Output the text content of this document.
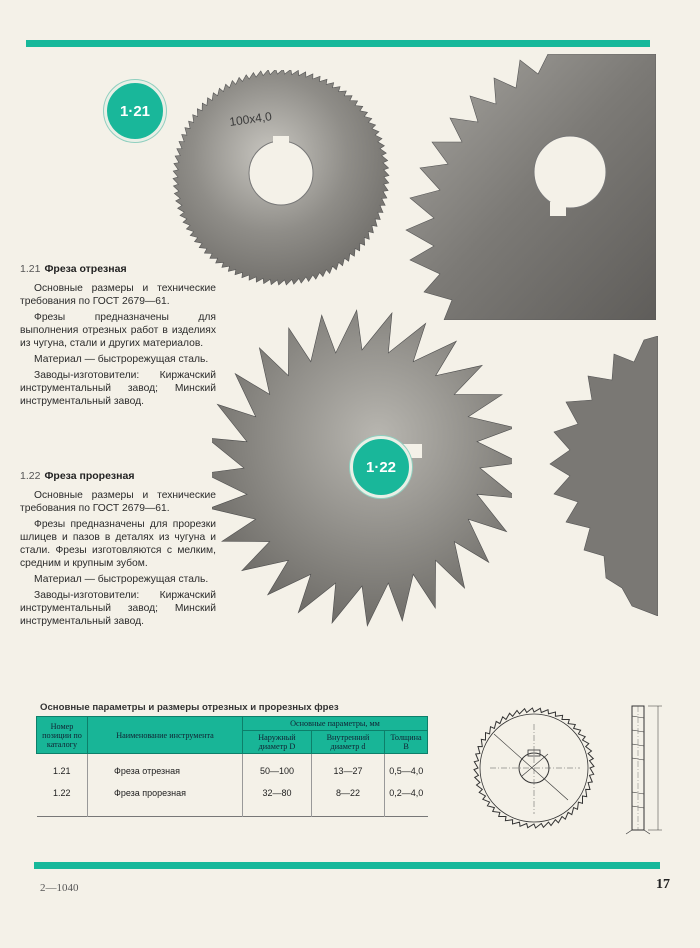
100x4,0
1·21
1·22
1.21 Фреза отрезная

Основные размеры и технические требования по ГОСТ 2679—61.

Фрезы предназначены для выполнения отрезных работ в изделиях из чугуна, стали и других материалов.

Материал — быстрорежущая сталь.

Заводы-изготовители: Киржачский инструментальный завод; Минский инструментальный завод.

1.22 Фреза прорезная

Основные размеры и технические требования по ГОСТ 2679—61.

Фрезы предназначены для прорезки шлицев и пазов в деталях из чугуна и стали. Фрезы изготовляются с мелким, средним и крупным зубом.

Материал — быстрорежущая сталь.

Заводы-изготовители: Киржачский инструментальный завод; Минский инструментальный завод.

Основные параметры и размеры отрезных и прорезных фрез
Номер позиции по каталогу	Наименование инструмента	Основные параметры, мм		
		Наружный диаметр D	Внутренний диаметр d	Толщина B
1.21	Фреза отрезная	50—100	13—27	0,5—4,0
1.22	Фреза прорезная	32—80	8—22	0,2—4,0
2—1040	17
